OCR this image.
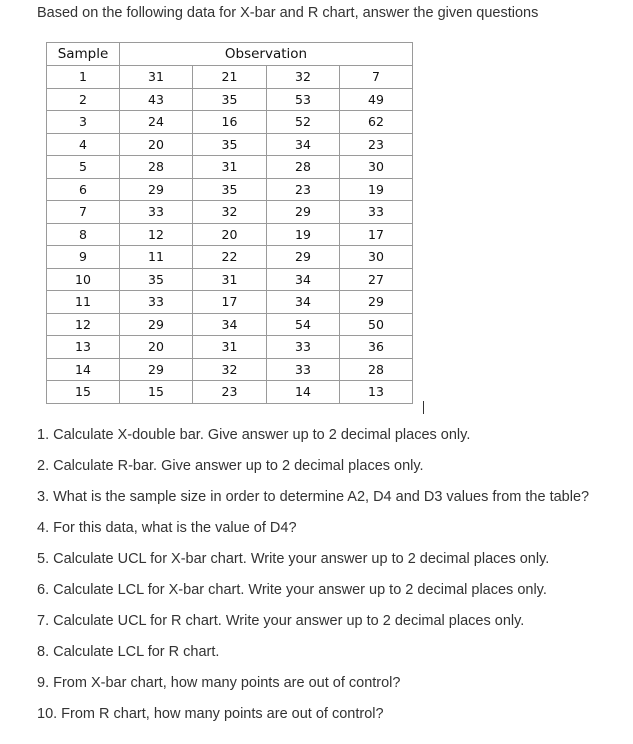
Based on the following data for X-bar and R chart, answer the given questions
Sample	Observation			
1	31	21	32	7
2	43	35	53	49
3	24	16	52	62
4	20	35	34	23
5	28	31	28	30
6	29	35	23	19
7	33	32	29	33
8	12	20	19	17
9	11	22	29	30
10	35	31	34	27
11	33	17	34	29
12	29	34	54	50
13	20	31	33	36
14	29	32	33	28
15	15	23	14	13
1. Calculate X-double bar. Give answer up to 2 decimal places only.
2. Calculate R-bar. Give answer up to 2 decimal places only.
3. What is the sample size in order to determine A2, D4 and D3 values from the table?
4. For this data, what is the value of D4?
5. Calculate UCL for X-bar chart. Write your answer up to 2 decimal places only.
6. Calculate LCL for X-bar chart. Write your answer up to 2 decimal places only.
7. Calculate UCL for R chart. Write your answer up to 2 decimal places only.
8. Calculate LCL for R chart.
9. From X-bar chart, how many points are out of control?
10. From R chart, how many points are out of control?
